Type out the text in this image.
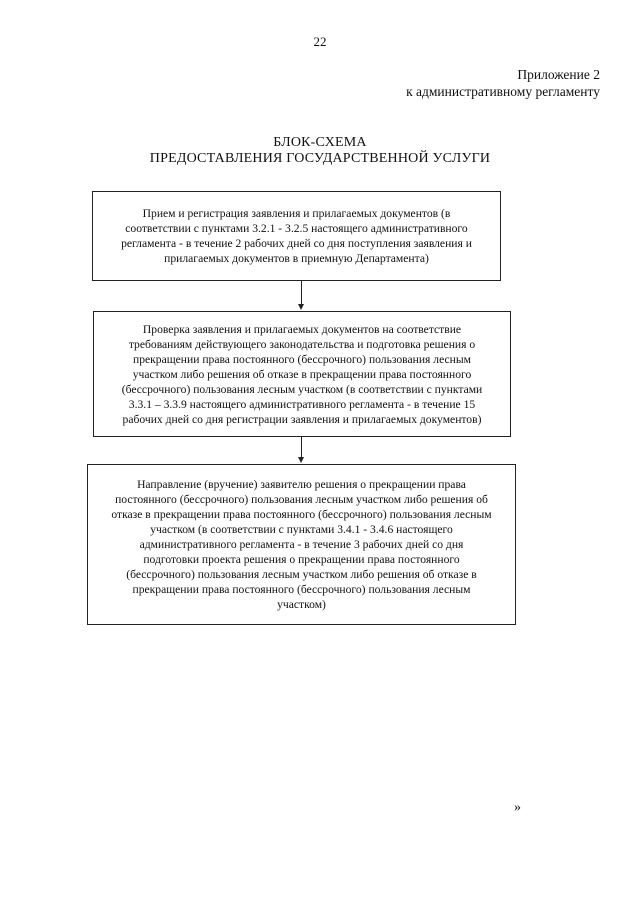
22
Приложение 2
к административному регламенту
БЛОК-СХЕМА
ПРЕДОСТАВЛЕНИЯ ГОСУДАРСТВЕННОЙ УСЛУГИ
Прием и регистрация заявления и прилагаемых документов (в
соответствии с пунктами 3.2.1 - 3.2.5 настоящего административного
регламента - в течение 2 рабочих дней со дня поступления заявления и
прилагаемых документов в приемную Департамента)
Проверка заявления и прилагаемых документов на соответствие
требованиям действующего законодательства и подготовка решения о
прекращении права постоянного (бессрочного) пользования лесным
участком либо решения об отказе в прекращении права постоянного
(бессрочного) пользования лесным участком (в соответствии с пунктами
3.3.1 – 3.3.9 настоящего административного регламента - в течение 15
рабочих дней со дня регистрации заявления и прилагаемых документов)
Направление (вручение) заявителю решения о прекращении права
постоянного (бессрочного) пользования лесным участком либо решения об
отказе в прекращении права постоянного (бессрочного) пользования лесным
участком (в соответствии с пунктами 3.4.1 - 3.4.6 настоящего
административного регламента - в течение 3 рабочих дней со дня
подготовки проекта решения о прекращении права постоянного
(бессрочного) пользования лесным участком либо решения об отказе в
прекращении права постоянного (бессрочного) пользования лесным
участком)
»
